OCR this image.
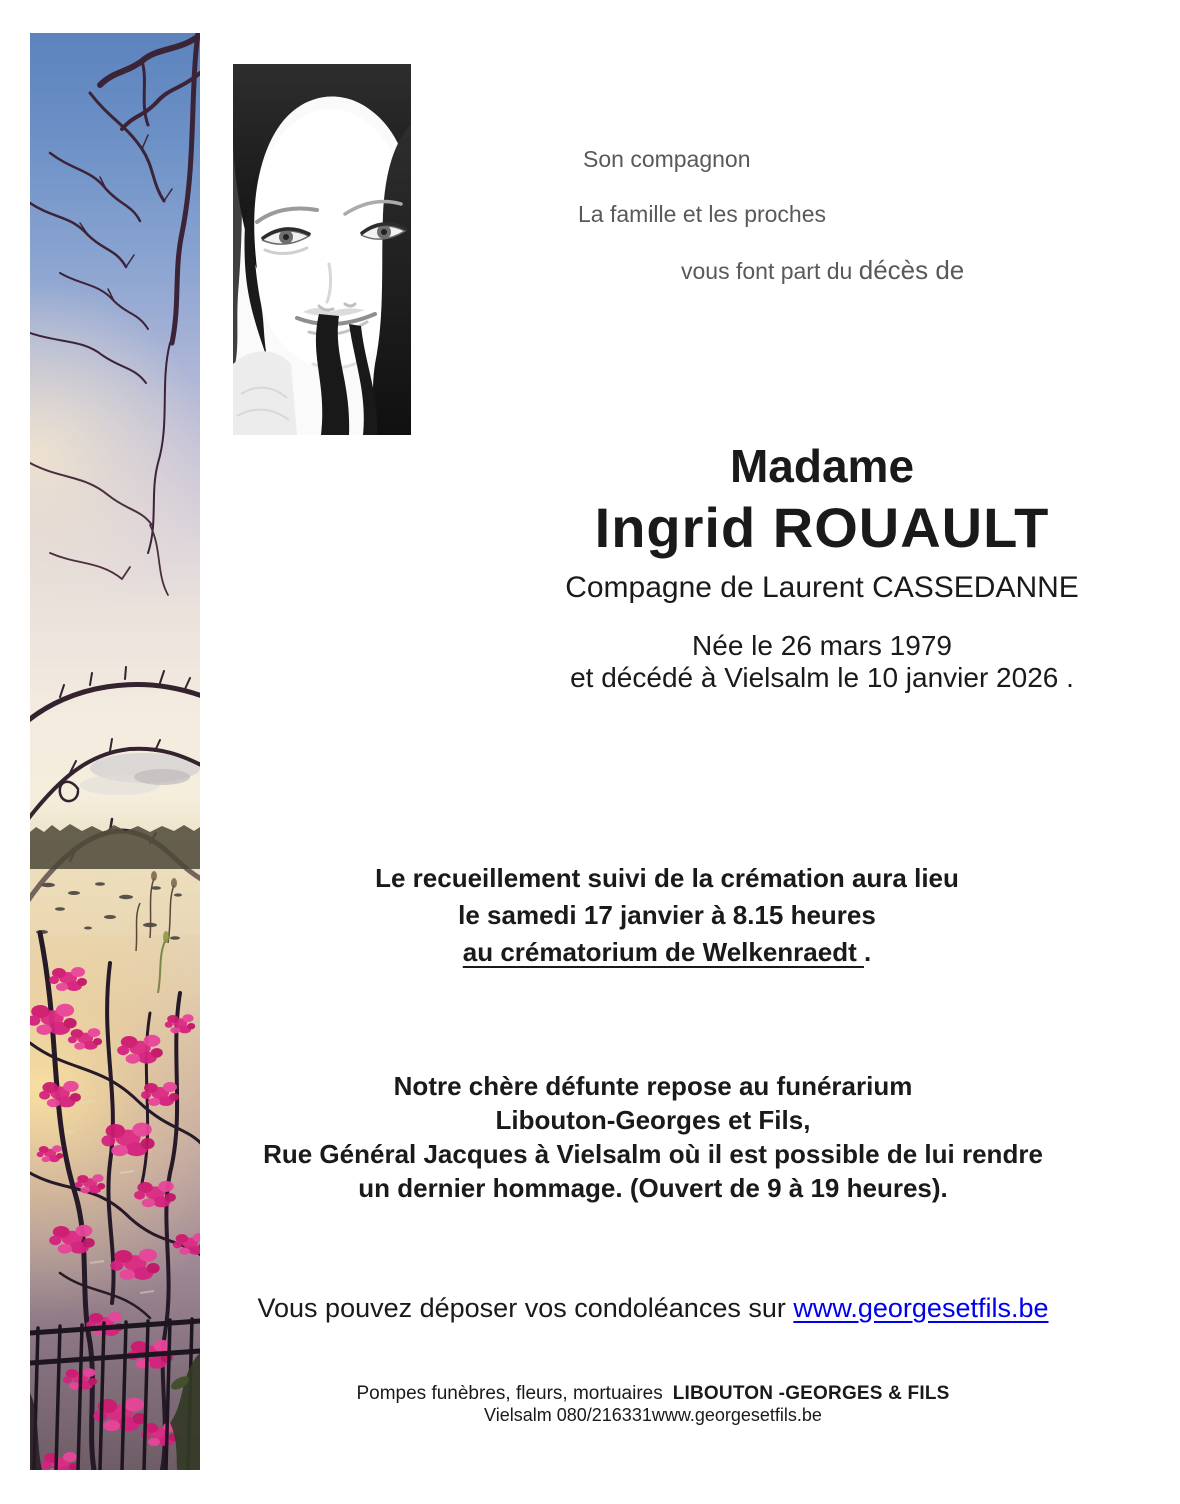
Son compagnon
La famille et les proches
vous font part du décès de
Madame
Ingrid ROUAULT
Compagne de Laurent CASSEDANNE
Née le 26 mars 1979
et décédé à Vielsalm le 10 janvier 2026 .
Le recueillement suivi de la crémation aura lieu
le samedi 17 janvier à 8.15 heures
au crématorium de Welkenraedt .
Notre chère défunte repose au funérarium
Libouton-Georges et Fils,
Rue Général Jacques à Vielsalm où il est possible de lui rendre
un dernier hommage. (Ouvert de 9 à 19 heures).
Vous pouvez déposer vos condoléances sur www.georgesetfils.be
Pompes funèbres, fleurs, mortuaires LIBOUTON -GEORGES & FILS
Vielsalm 080/216331www.georgesetfils.be
